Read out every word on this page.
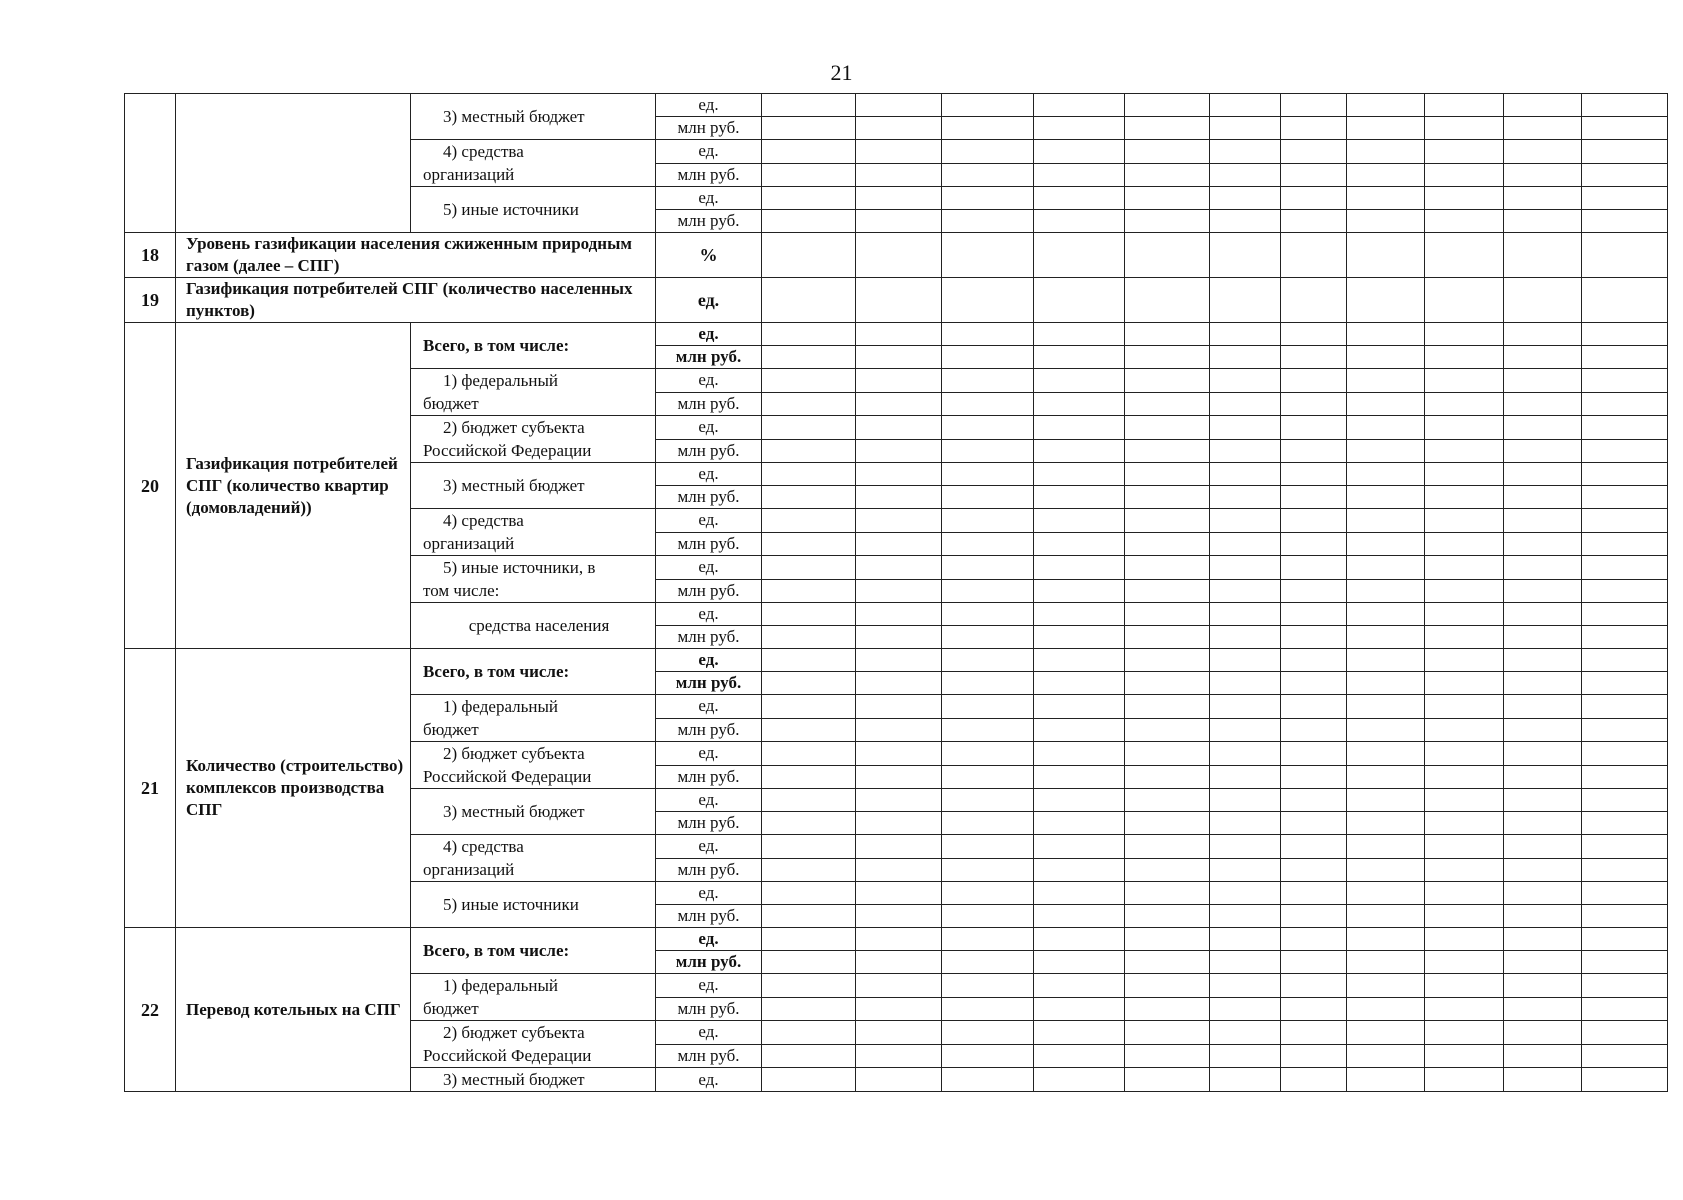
21
		3) местный бюджет	ед.											
			млн руб.											

		4) средства
организаций	ед.											
			млн руб.											
		5) иные источники	ед.											
			млн руб.											
18	Уровень газификации населения сжиженным природным газом (далее – СПГ)		%											
19	Газификация потребителей СПГ (количество населенных пунктов)		ед.											
20	Газификация потребителей СПГ (количество квартир (домовладений))	Всего, в том числе:	ед.											
			млн руб.											

		1) федеральный
бюджет	ед.											
			млн руб.											

		2) бюджет субъекта
Российской Федерации	ед.											
			млн руб.											
		3) местный бюджет	ед.											
			млн руб.											

		4) средства
организаций	ед.											
			млн руб.											

		5) иные источники, в
том числе:	ед.											
			млн руб.											

		средства населения	ед.											
			млн руб.											
21	Количество (строительство) комплексов производства СПГ	Всего, в том числе:	ед.											
			млн руб.											

		1) федеральный
бюджет	ед.											
			млн руб.											

		2) бюджет субъекта
Российской Федерации	ед.											
			млн руб.											
		3) местный бюджет	ед.											
			млн руб.											

		4) средства
организаций	ед.											
			млн руб.											
		5) иные источники	ед.											
			млн руб.											
22	Перевод котельных на СПГ	Всего, в том числе:	ед.											
			млн руб.											

		1) федеральный
бюджет	ед.											
			млн руб.											

		2) бюджет субъекта
Российской Федерации	ед.											
			млн руб.											
		3) местный бюджет	ед.											
